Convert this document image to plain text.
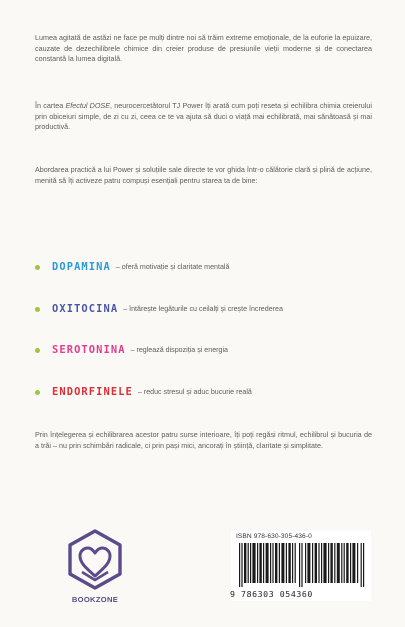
Lumea agitată de astăzi ne face pe mulți dintre noi să trăim extreme emoționale, de la euforie la epuizare, cauzate de dezechilibrele chimice din creier produse de presiunile vieții moderne și de conectarea constantă la lumea digitală.

În cartea Efectul DOSE, neurocercetătorul TJ Power îți arată cum poți reseta și echilibra chimia creierului prin obiceiuri simple, de zi cu zi, ceea ce te va ajuta să duci o viață mai echilibrată, mai sănătoasă și mai productivă.

Abordarea practică a lui Power și soluțiile sale directe te vor ghida într-o călătorie clară și plină de acțiune, menită să îți activeze patru compuși esențiali pentru starea ta de bine:

DOPAMINA – oferă motivație și claritate mentală
OXITOCINA – întărește legăturile cu ceilalți și crește încrederea
SEROTONINA – reglează dispoziția și energia
ENDORFINELE – reduc stresul și aduc bucurie reală

Prin înțelegerea și echilibrarea acestor patru surse interioare, îți poți regăsi ritmul, echilibrul și bucuria de a trăi – nu prin schimbări radicale, ci prin pași mici, ancorați în știință, claritate și simplitate.

BOOKZONE
ISBN 978-630-305-436-0
9 786303 054360
